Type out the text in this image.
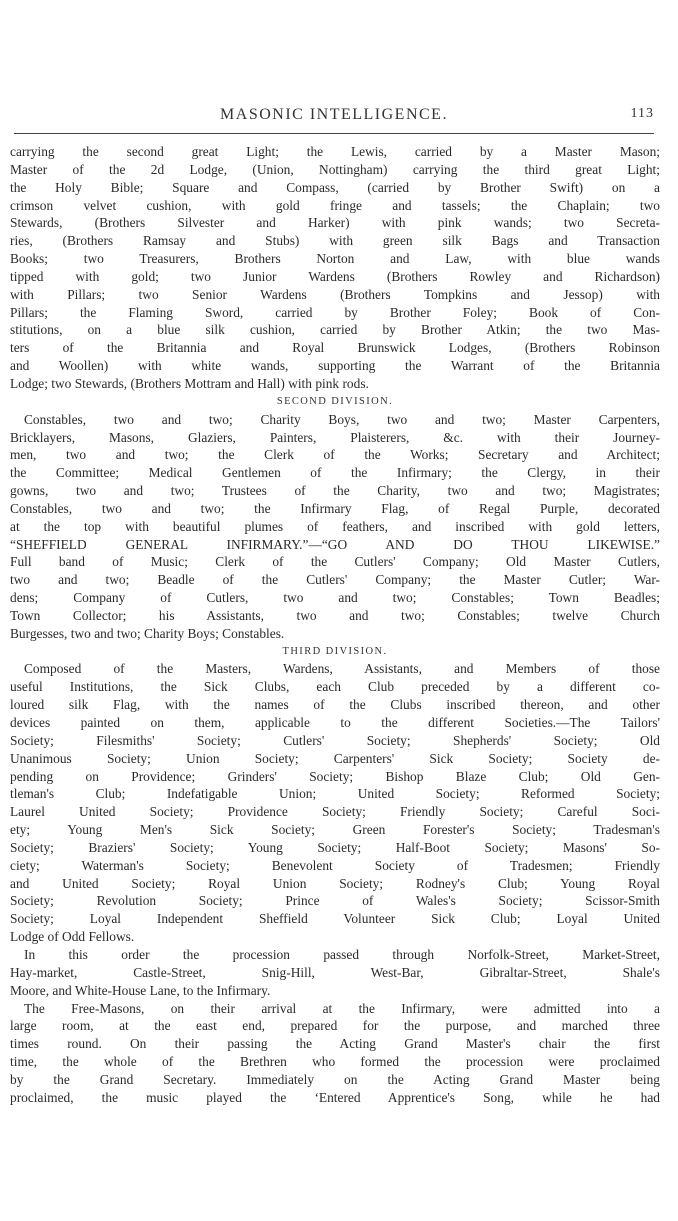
MASONIC INTELLIGENCE.	113
carrying the second great Light; the Lewis, carried by a Master Mason;
Master of the 2d Lodge, (Union, Nottingham) carrying the third great Light;
the Holy Bible; Square and Compass, (carried by Brother Swift) on a
crimson velvet cushion, with gold fringe and tassels; the Chaplain; two
Stewards, (Brothers Silvester and Harker) with pink wands; two Secreta-
ries, (Brothers Ramsay and Stubs) with green silk Bags and Transaction
Books; two Treasurers, Brothers Norton and Law, with blue wands
tipped with gold; two Junior Wardens (Brothers Rowley and Richardson)
with Pillars; two Senior Wardens (Brothers Tompkins and Jessop) with
Pillars; the Flaming Sword, carried by Brother Foley; Book of Con-
stitutions, on a blue silk cushion, carried by Brother Atkin; the two Mas-
ters of the Britannia and Royal Brunswick Lodges, (Brothers Robinson
and Woollen) with white wands, supporting the Warrant of the Britannia
Lodge; two Stewards, (Brothers Mottram and Hall) with pink rods.
SECOND DIVISION.
Constables, two and two; Charity Boys, two and two; Master Carpenters,
Bricklayers, Masons, Glaziers, Painters, Plaisterers, &c. with their Journey-
men, two and two; the Clerk of the Works; Secretary and Architect;
the Committee; Medical Gentlemen of the Infirmary; the Clergy, in their
gowns, two and two; Trustees of the Charity, two and two; Magistrates;
Constables, two and two; the Infirmary Flag, of Regal Purple, decorated
at the top with beautiful plumes of feathers, and inscribed with gold letters,
“SHEFFIELD GENERAL INFIRMARY.”—“GO AND DO THOU LIKEWISE.”
Full band of Music; Clerk of the Cutlers' Company; Old Master Cutlers,
two and two; Beadle of the Cutlers' Company; the Master Cutler; War-
dens; Company of Cutlers, two and two; Constables; Town Beadles;
Town Collector; his Assistants, two and two; Constables; twelve Church
Burgesses, two and two; Charity Boys; Constables.
THIRD DIVISION.
Composed of the Masters, Wardens, Assistants, and Members of those
useful Institutions, the Sick Clubs, each Club preceded by a different co-
loured silk Flag, with the names of the Clubs inscribed thereon, and other
devices painted on them, applicable to the different Societies.—The Tailors'
Society; Filesmiths' Society; Cutlers' Society; Shepherds' Society; Old
Unanimous Society; Union Society; Carpenters' Sick Society; Society de-
pending on Providence; Grinders' Society; Bishop Blaze Club; Old Gen-
tleman's Club; Indefatigable Union; United Society; Reformed Society;
Laurel United Society; Providence Society; Friendly Society; Careful Soci-
ety; Young Men's Sick Society; Green Forester's Society; Tradesman's
Society; Braziers' Society; Young Society; Half-Boot Society; Masons' So-
ciety; Waterman's Society; Benevolent Society of Tradesmen; Friendly
and United Society; Royal Union Society; Rodney's Club; Young Royal
Society; Revolution Society; Prince of Wales's Society; Scissor-Smith
Society; Loyal Independent Sheffield Volunteer Sick Club; Loyal United
Lodge of Odd Fellows.
In this order the procession passed through Norfolk-Street, Market-Street,
Hay-market, Castle-Street, Snig-Hill, West-Bar, Gibraltar-Street, Shale's
Moore, and White-House Lane, to the Infirmary.
The Free-Masons, on their arrival at the Infirmary, were admitted into a
large room, at the east end, prepared for the purpose, and marched three
times round. On their passing the Acting Grand Master's chair the first
time, the whole of the Brethren who formed the procession were proclaimed
by the Grand Secretary. Immediately on the Acting Grand Master being
proclaimed, the music played the ‘Entered Apprentice's Song, while he had
